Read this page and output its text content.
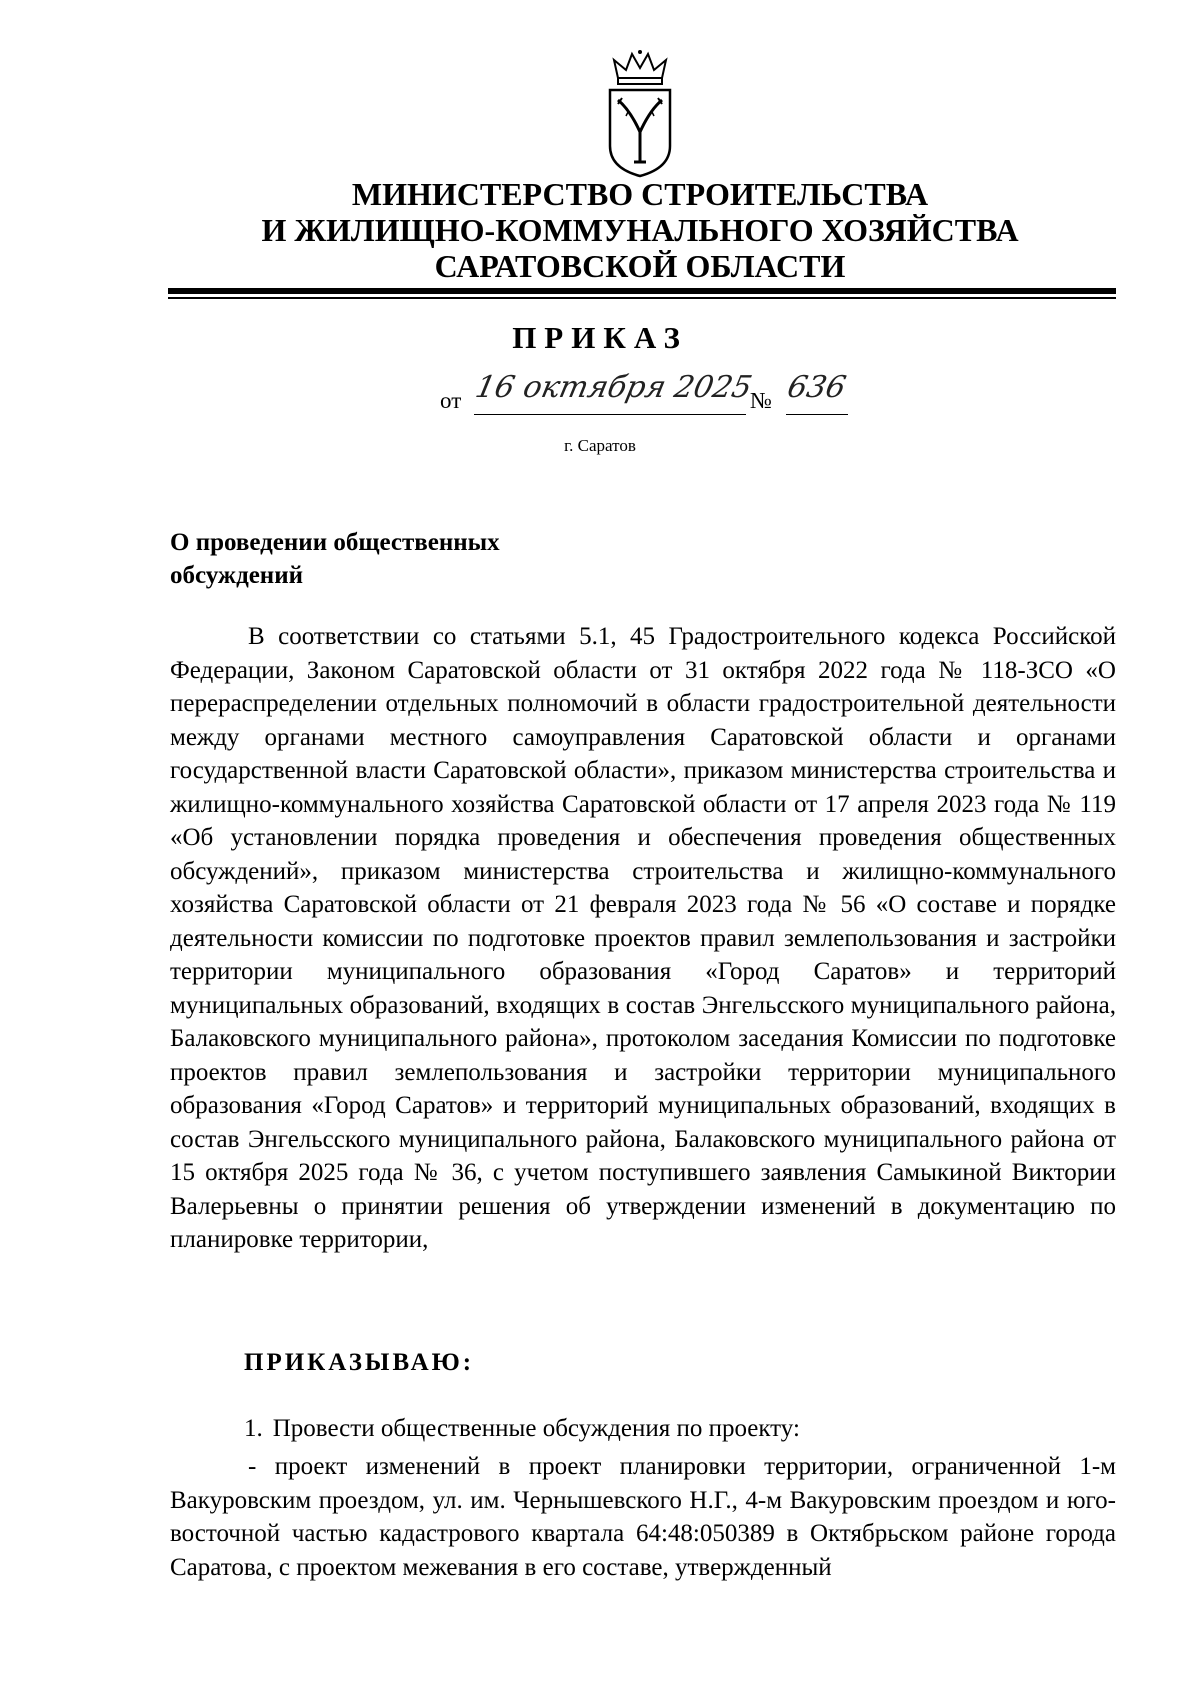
МИНИСТЕРСТВО СТРОИТЕЛЬСТВА
И ЖИЛИЩНО-КОММУНАЛЬНОГО ХОЗЯЙСТВА
САРАТОВСКОЙ ОБЛАСТИ

ПРИКАЗ

от 16 октября 2025
№ 636

г. Саратов

О проведении общественных
обсуждений

В соответствии со статьями 5.1, 45 Градостроительного кодекса Российской Федерации, Законом Саратовской области от 31 октября 2022 года № 118-ЗСО «О перераспределении отдельных полномочий в области градостроительной деятельности между органами местного самоуправления Саратовской области и органами государственной власти Саратовской области», приказом министерства строительства и жилищно-коммунального хозяйства Саратовской области от 17 апреля 2023 года № 119 «Об установлении порядка проведения и обеспечения проведения общественных обсуждений», приказом министерства строительства и жилищно-коммунального хозяйства Саратовской области от 21 февраля 2023 года № 56 «О составе и порядке деятельности комиссии по подготовке проектов правил землепользования и застройки территории муниципального образования «Город Саратов» и территорий муниципальных образований, входящих в состав Энгельсского муниципального района, Балаковского муниципального района», протоколом заседания Комиссии по подготовке проектов правил землепользования и застройки территории муниципального образования «Город Саратов» и территорий муниципальных образований, входящих в состав Энгельсского муниципального района, Балаковского муниципального района от 15 октября 2025 года № 36, с учетом поступившего заявления Самыкиной Виктории Валерьевны о принятии решения об утверждении изменений в документацию по планировке территории,

ПРИКАЗЫВАЮ:

1. Провести общественные обсуждения по проекту:

- проект изменений в проект планировки территории, ограниченной 1-м Вакуровским проездом, ул. им. Чернышевского Н.Г., 4-м Вакуровским проездом и юго-восточной частью кадастрового квартала 64:48:050389 в Октябрьском районе города Саратова, с проектом межевания в его составе, утвержденный
